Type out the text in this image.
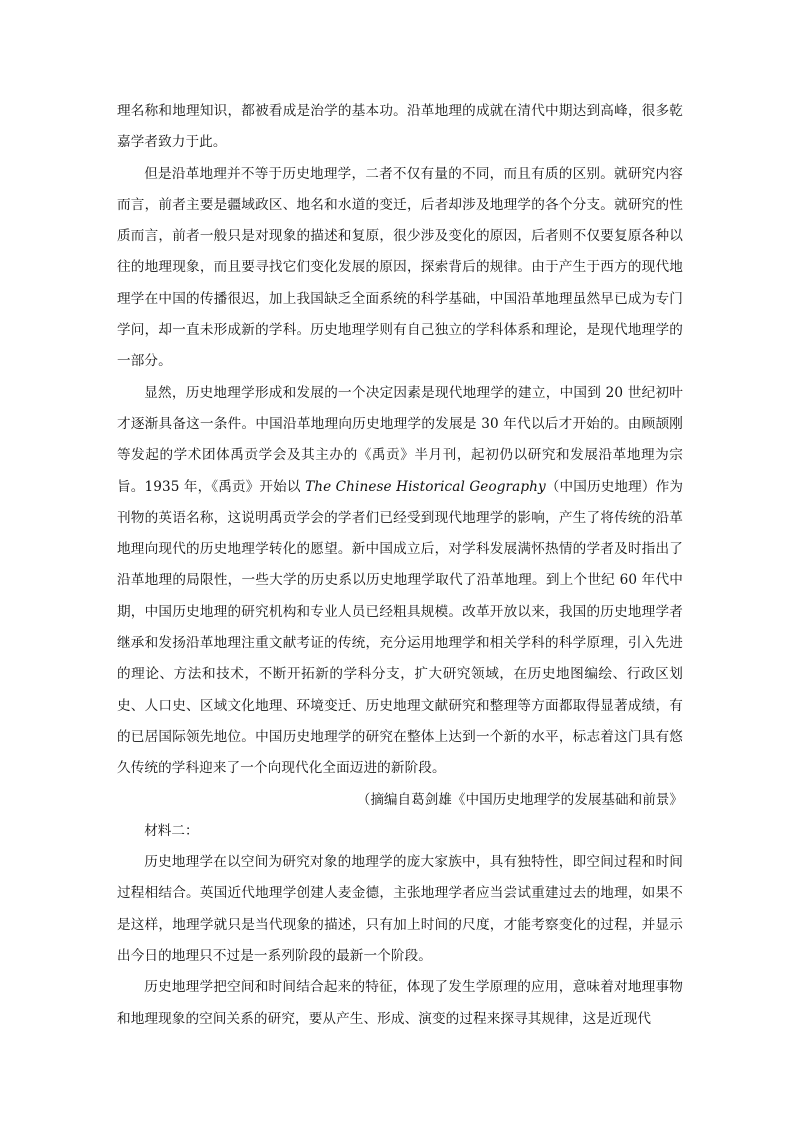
理名称和地理知识，都被看成是治学的基本功。沿革地理的成就在清代中期达到高峰，很多乾嘉学者致力于此。

但是沿革地理并不等于历史地理学，二者不仅有量的不同，而且有质的区别。就研究内容而言，前者主要是疆域政区、地名和水道的变迁，后者却涉及地理学的各个分支。就研究的性质而言，前者一般只是对现象的描述和复原，很少涉及变化的原因，后者则不仅要复原各种以往的地理现象，而且要寻找它们变化发展的原因，探索背后的规律。由于产生于西方的现代地理学在中国的传播很迟，加上我国缺乏全面系统的科学基础，中国沿革地理虽然早已成为专门学问，却一直未形成新的学科。历史地理学则有自己独立的学科体系和理论，是现代地理学的一部分。

显然，历史地理学形成和发展的一个决定因素是现代地理学的建立，中国到 20 世纪初叶才逐渐具备这一条件。中国沿革地理向历史地理学的发展是 30 年代以后才开始的。由顾颉刚等发起的学术团体禹贡学会及其主办的《禹贡》半月刊，起初仍以研究和发展沿革地理为宗旨。1935 年，《禹贡》开始以 The Chinese Historical Geography（中国历史地理）作为刊物的英语名称，这说明禹贡学会的学者们已经受到现代地理学的影响，产生了将传统的沿革地理向现代的历史地理学转化的愿望。新中国成立后，对学科发展满怀热情的学者及时指出了沿革地理的局限性，一些大学的历史系以历史地理学取代了沿革地理。到上个世纪 60 年代中期，中国历史地理的研究机构和专业人员已经粗具规模。改革开放以来，我国的历史地理学者继承和发扬沿革地理注重文献考证的传统，充分运用地理学和相关学科的科学原理，引入先进的理论、方法和技术，不断开拓新的学科分支，扩大研究领域，在历史地图编绘、行政区划史、人口史、区域文化地理、环境变迁、历史地理文献研究和整理等方面都取得显著成绩，有的已居国际领先地位。中国历史地理学的研究在整体上达到一个新的水平，标志着这门具有悠久传统的学科迎来了一个向现代化全面迈进的新阶段。

（摘编自葛剑雄《中国历史地理学的发展基础和前景》

材料二：

历史地理学在以空间为研究对象的地理学的庞大家族中，具有独特性，即空间过程和时间过程相结合。英国近代地理学创建人麦金德，主张地理学者应当尝试重建过去的地理，如果不是这样，地理学就只是当代现象的描述，只有加上时间的尺度，才能考察变化的过程，并显示出今日的地理只不过是一系列阶段的最新一个阶段。

历史地理学把空间和时间结合起来的特征，体现了发生学原理的应用，意味着对地理事物和地理现象的空间关系的研究，要从产生、形成、演变的过程来探寻其规律，这是近现代
